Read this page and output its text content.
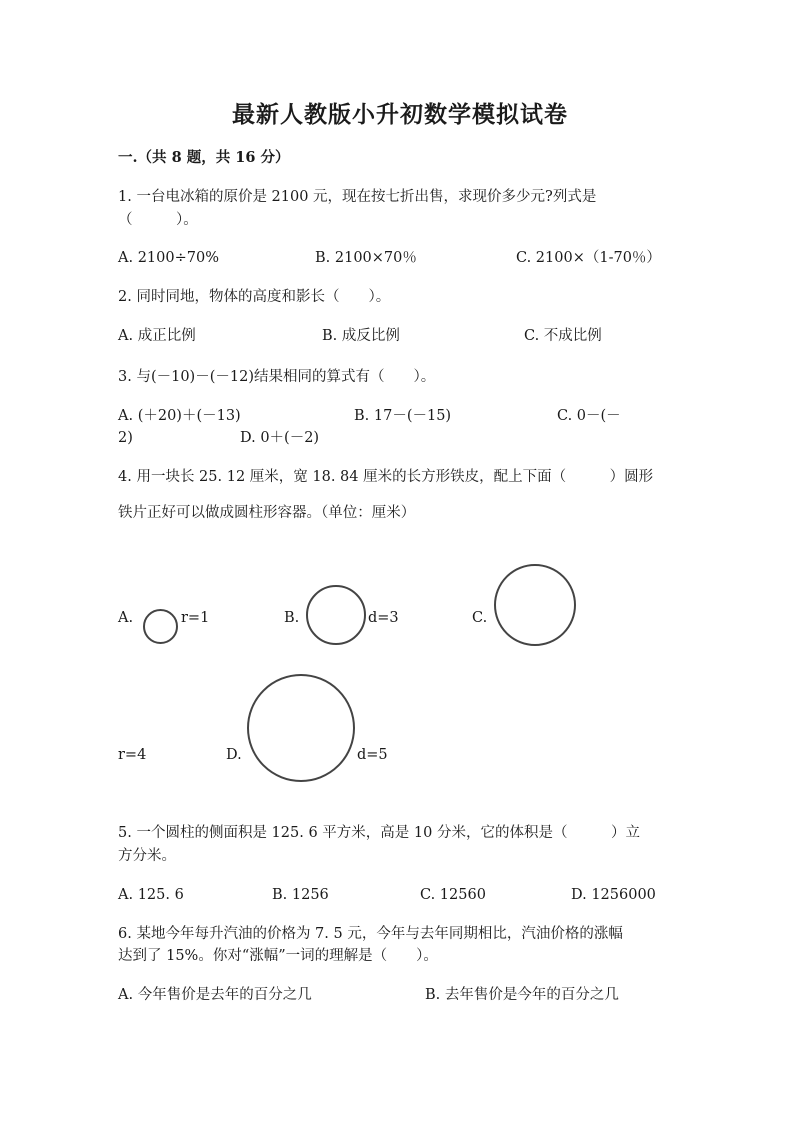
最新人教版小升初数学模拟试卷
一.（共 8 题，共 16 分）
1. 一台电冰箱的原价是 2100 元，现在按七折出售，求现价多少元?列式是
（　　　）。
A. 2100÷70%	B. 2100×70％	C. 2100×（1-70％）
2. 同时同地，物体的高度和影长（　　）。
A. 成正比例	B. 成反比例	C. 不成比例
3. 与(－10)－(－12)结果相同的算式有（　　）。
A. (＋20)＋(－13)	B. 17－(－15)	C. 0－(－
2)	D. 0＋(－2)
4. 用一块长 25. 12 厘米，宽 18. 84 厘米的长方形铁皮，配上下面（　　　）圆形
铁片正好可以做成圆柱形容器。（单位：厘米）
A.	r=1	B.	d=3	C.
r=4	D.	d=5
5. 一个圆柱的侧面积是 125. 6 平方米，高是 10 分米，它的体积是（　　　）立
方分米。
A. 125. 6	B. 1256	C. 12560	D. 1256000
6. 某地今年每升汽油的价格为 7. 5 元，今年与去年同期相比，汽油价格的涨幅
达到了 15%。你对“涨幅”一词的理解是（　　）。
A. 今年售价是去年的百分之几	B. 去年售价是今年的百分之几
